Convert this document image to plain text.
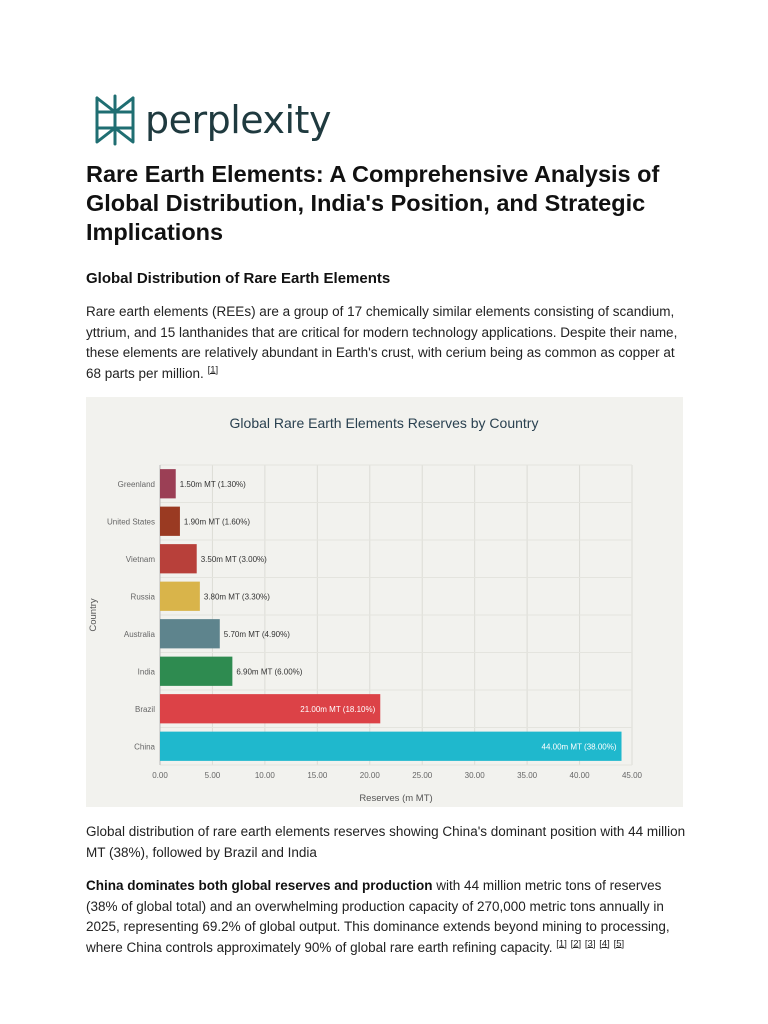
perplexity
Rare Earth Elements: A Comprehensive Analysis of Global Distribution, India's Position, and Strategic Implications
Global Distribution of Rare Earth Elements

Rare earth elements (REEs) are a group of 17 chemically similar elements consisting of scandium, yttrium, and 15 lanthanides that are critical for modern technology applications. Despite their name, these elements are relatively abundant in Earth's crust, with cerium being as common as copper at 68 parts per million. [1]

Global Rare Earth Elements Reserves by Country
0.00	5.00	10.00	15.00	20.00	25.00	30.00	35.00	40.00	45.00
Greenland	1.50m MT (1.30%)
United States	1.90m MT (1.60%)
Vietnam	3.50m MT (3.00%)
Russia	3.80m MT (3.30%)
Australia	5.70m MT (4.90%)
India	6.90m MT (6.00%)
Brazil	21.00m MT (18.10%)
China	44.00m MT (38.00%)
Reserves (m MT)
Country

Global distribution of rare earth elements reserves showing China's dominant position with 44 million MT (38%), followed by Brazil and India

China dominates both global reserves and production with 44 million metric tons of reserves (38% of global total) and an overwhelming production capacity of 270,000 metric tons annually in 2025, representing 69.2% of global output. This dominance extends beyond mining to processing, where China controls approximately 90% of global rare earth refining capacity. [1] [2] [3] [4] [5]
